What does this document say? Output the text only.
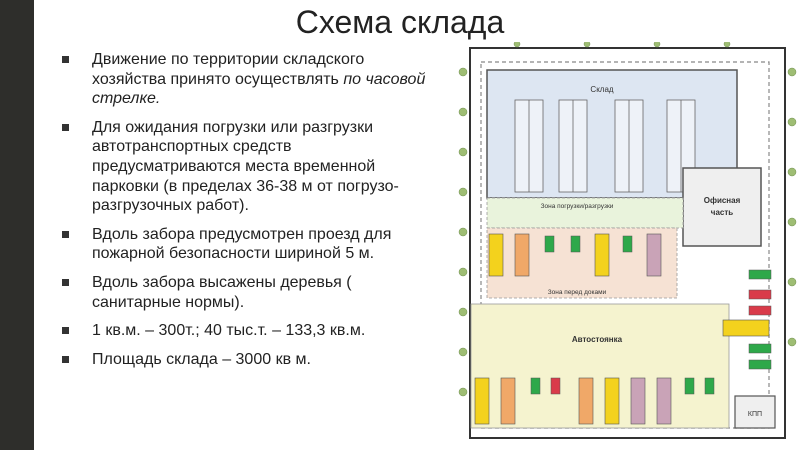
Схема склада
Движение по территории складского хозяйства принято осуществлять по часовой стрелке.
Для ожидания погрузки или разгрузки автотранспортных средств предусматриваются места временной парковки (в пределах 36-38 м от погрузо-разгрузочных работ).
Вдоль забора предусмотрен проезд для пожарной безопасности шириной 5 м.
Вдоль забора высажены деревья ( санитарные нормы).
1 кв.м. – 300т.; 40 тыс.т. – 133,3 кв.м.
Площадь склада – 3000 кв м.
Склад
Офисная
часть
Зона погрузки/разгрузки
Зона перед доками
Автостоянка
КПП
